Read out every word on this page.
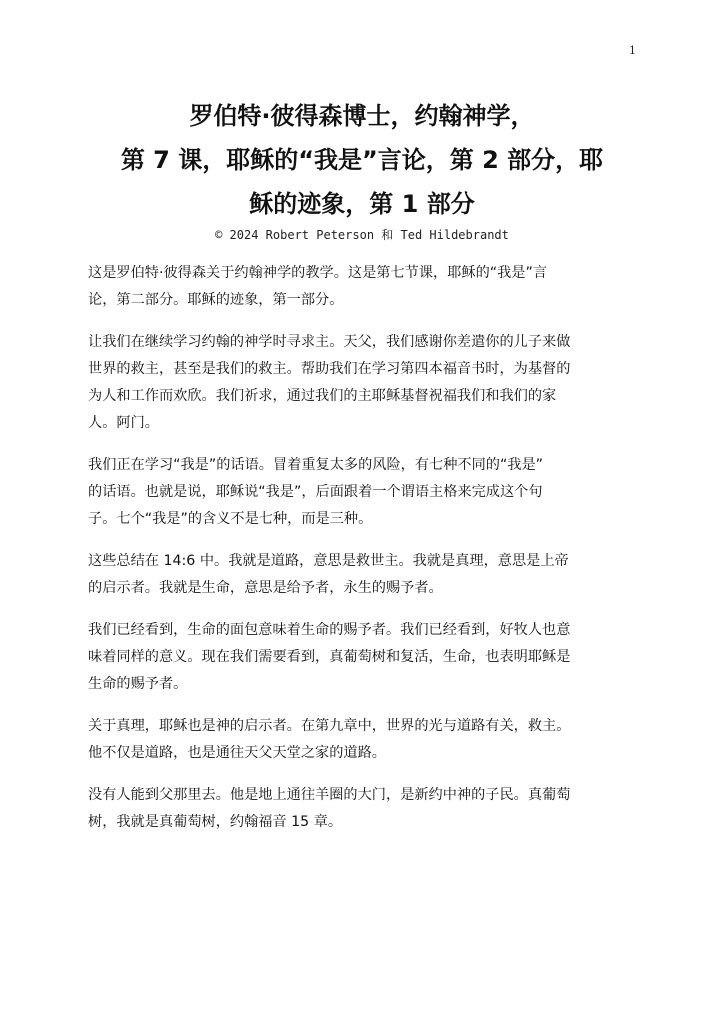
1
罗伯特·彼得森博士，约翰神学，
第 7 课，耶稣的“我是”言论，第 2 部分，耶
稣的迹象，第 1 部分
© 2024 Robert Peterson 和 Ted Hildebrandt

这是罗伯特·彼得森关于约翰神学的教学。这是第七节课，耶稣的“我是”言
论，第二部分。耶稣的迹象，第一部分。

让我们在继续学习约翰的神学时寻求主。天父，我们感谢你差遣你的儿子来做
世界的救主，甚至是我们的救主。帮助我们在学习第四本福音书时，为基督的
为人和工作而欢欣。我们祈求，通过我们的主耶稣基督祝福我们和我们的家
人。阿门。

我们正在学习“我是”的话语。冒着重复太多的风险，有七种不同的“我是”
的话语。也就是说，耶稣说“我是”，后面跟着一个谓语主格来完成这个句
子。七个“我是”的含义不是七种，而是三种。

这些总结在 14:6 中。我就是道路，意思是救世主。我就是真理，意思是上帝
的启示者。我就是生命，意思是给予者，永生的赐予者。

我们已经看到，生命的面包意味着生命的赐予者。我们已经看到，好牧人也意
味着同样的意义。现在我们需要看到，真葡萄树和复活，生命，也表明耶稣是
生命的赐予者。

关于真理，耶稣也是神的启示者。在第九章中，世界的光与道路有关，救主。
他不仅是道路，也是通往天父天堂之家的道路。

没有人能到父那里去。他是地上通往羊圈的大门，是新约中神的子民。真葡萄
树，我就是真葡萄树，约翰福音 15 章。
